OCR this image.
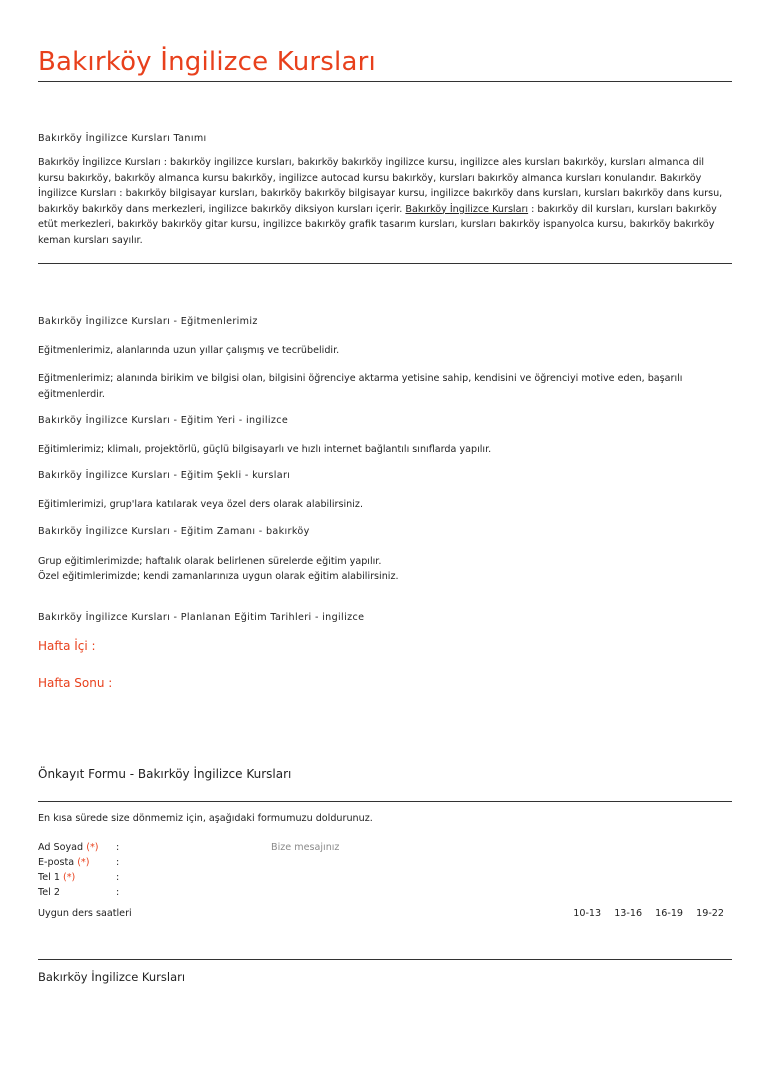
Bakırköy İngilizce Kursları
Bakırköy İngilizce Kursları Tanımı

Bakırköy İngilizce Kursları : bakırköy ingilizce kursları, bakırköy bakırköy ingilizce kursu, ingilizce ales kursları bakırköy, kursları almanca dil kursu bakırköy, bakırköy almanca kursu bakırköy, ingilizce autocad kursu bakırköy, kursları bakırköy almanca kursları konulandır. Bakırköy İngilizce Kursları : bakırköy bilgisayar kursları, bakırköy bakırköy bilgisayar kursu, ingilizce bakırköy dans kursları, kursları bakırköy dans kursu, bakırköy bakırköy dans merkezleri, ingilizce bakırköy diksiyon kursları içerir. Bakırköy İngilizce Kursları : bakırköy dil kursları, kursları bakırköy etüt merkezleri, bakırköy bakırköy gitar kursu, ingilizce bakırköy grafik tasarım kursları, kursları bakırköy ispanyolca kursu, bakırköy bakırköy keman kursları sayılır.

Bakırköy İngilizce Kursları - Eğitmenlerimiz
Eğitmenlerimiz, alanlarında uzun yıllar çalışmış ve tecrübelidir.

Eğitmenlerimiz; alanında birikim ve bilgisi olan, bilgisini öğrenciye aktarma yetisine sahip, kendisini ve öğrenciyi motive eden, başarılı eğitmenlerdir.

Bakırköy İngilizce Kursları - Eğitim Yeri - ingilizce
Eğitimlerimiz; klimalı, projektörlü, güçlü bilgisayarlı ve hızlı internet bağlantılı sınıflarda yapılır.
Bakırköy İngilizce Kursları - Eğitim Şekli - kursları
Eğitimlerimizi, grup'lara katılarak veya özel ders olarak alabilirsiniz.
Bakırköy İngilizce Kursları - Eğitim Zamanı - bakırköy
Grup eğitimlerimizde; haftalık olarak belirlenen sürelerde eğitim yapılır.
Özel eğitimlerimizde; kendi zamanlarınıza uygun olarak eğitim alabilirsiniz.
Bakırköy İngilizce Kursları - Planlanan Eğitim Tarihleri - ingilizce
Hafta İçi :
Hafta Sonu :
Önkayıt Formu - Bakırköy İngilizce Kursları
En kısa sürede size dönmemiz için, aşağıdaki formumuzu doldurunuz.
Ad Soyad (*) :	Bize mesajınız
E-posta (*)	:
Tel 1 (*)	:
Tel 2	:
Uygun ders saatleri	10-13 13-16 16-19 19-22
Bakırköy İngilizce Kursları
